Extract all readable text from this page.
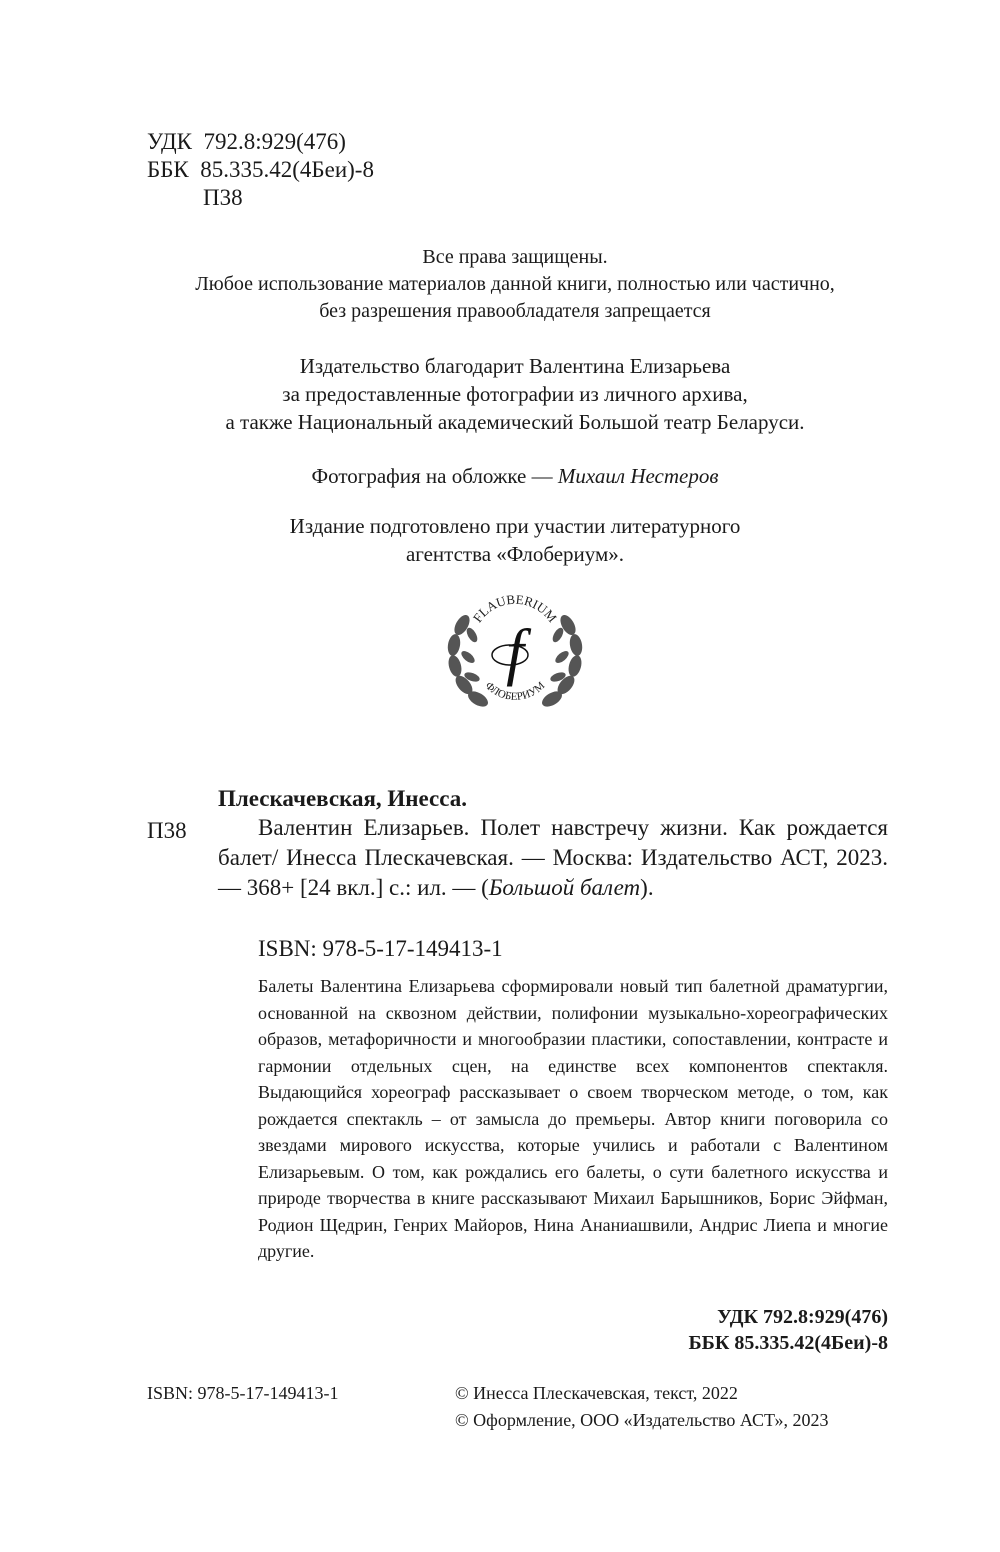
УДК  792.8:929(476)
ББК  85.335.42(4Беи)-8
П38
Все права защищены.
Любое использование материалов данной книги, полностью или частично,
без разрешения правообладателя запрещается
Издательство благодарит Валентина Елизарьева
за предоставленные фотографии из личного архива,
а также Национальный академический Большой театр Беларуси.
Фотография на обложке — Михаил Нестеров
Издание подготовлено при участии литературного
агентства «Флобериум».
FLAUBERIUM
ФЛОБЕРИУМ
f
Плескачевская, Инесса.
П38	Валентин Елизарьев. Полет навстречу жизни. Как рождается балет/ Инесса Плескачевская. — Москва: Издательство АСТ, 2023. — 368+ [24 вкл.] с.: ил. — (Большой балет).
ISBN: 978-5-17-149413-1
Балеты Валентина Елизарьева сформировали новый тип балетной драматургии, основанной на сквозном действии, полифонии музыкально-хореографических образов, метафоричности и многообразии пластики, сопоставлении, контрасте и гармонии отдельных сцен, на единстве всех компонентов спектакля. Выдающийся хореограф рассказывает о своем творческом методе, о том, как рождается спектакль – от замысла до премьеры. Автор книги поговорила со звездами мирового искусства, которые учились и работали с Валентином Елизарьевым. О том, как рождались его балеты, о сути балетного искусства и природе творчества в книге рассказывают Михаил Барышников, Борис Эйфман, Родион Щедрин, Генрих Майоров, Нина Ананиашвили, Андрис Лиепа и многие другие.
УДК 792.8:929(476)
ББК 85.335.42(4Беи)-8
ISBN: 978-5-17-149413-1	© Инесса Плескачевская, текст, 2022
© Оформление, ООО «Издательство АСТ», 2023
